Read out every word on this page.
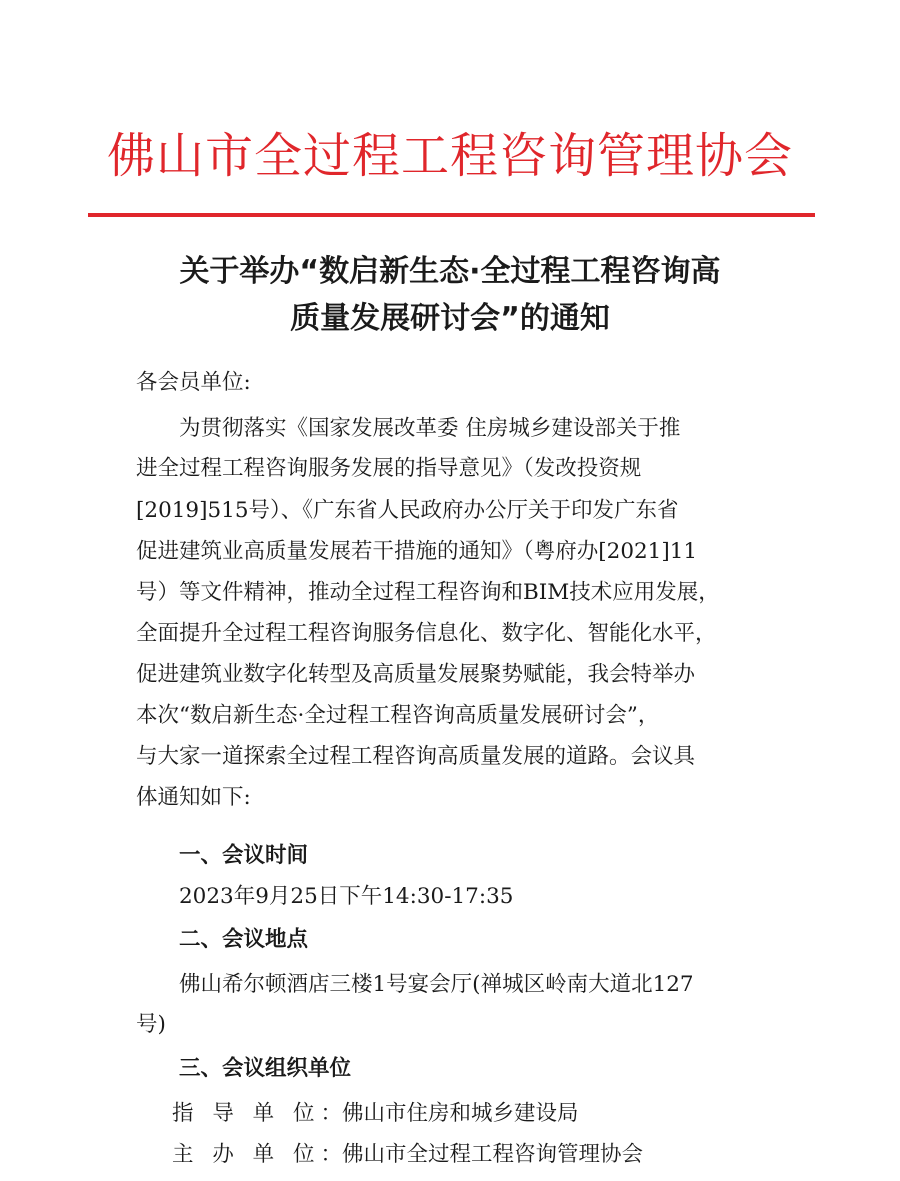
佛山市全过程工程咨询管理协会
关于举办“数启新生态·全过程工程咨询高
质量发展研讨会”的通知
各会员单位:
为贯彻落实《国家发展改革委 住房城乡建设部关于推
进全过程工程咨询服务发展的指导意见》（发改投资规
[2019]515号）、《广东省人民政府办公厅关于印发广东省
促进建筑业高质量发展若干措施的通知》（粤府办[2021]11
号）等文件精神，推动全过程工程咨询和BIM技术应用发展，
全面提升全过程工程咨询服务信息化、数字化、智能化水平，
促进建筑业数字化转型及高质量发展聚势赋能，我会特举办
本次“数启新生态·全过程工程咨询高质量发展研讨会”，
与大家一道探索全过程工程咨询高质量发展的道路。会议具
体通知如下:
一、会议时间
2023年9月25日下午14:30-17:35
二、会议地点
佛山希尔顿酒店三楼1号宴会厅(禅城区岭南大道北127
号)
三、会议组织单位
指 导 单 位：佛山市住房和城乡建设局
主 办 单 位：佛山市全过程工程咨询管理协会
